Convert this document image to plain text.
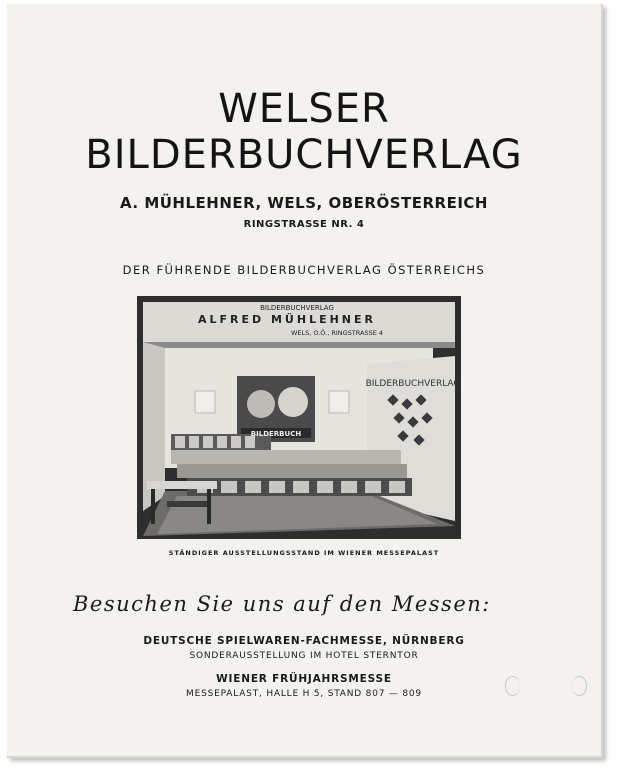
WELSER
BILDERBUCHVERLAG
A. MÜHLEHNER, WELS, OBERÖSTERREICH
RINGSTRASSE NR. 4
DER FÜHRENDE BILDERBUCHVERLAG ÖSTERREICHS
BILDERBUCHVERLAG
ALFRED MÜHLEHNER
WELS, O.Ö., RINGSTRASSE 4
BILDERBUCHVERLAG
BILDERBUCH
STÄNDIGER AUSSTELLUNGSSTAND IM WIENER MESSEPALAST
Besuchen Sie uns auf den Messen:
DEUTSCHE SPIELWAREN-FACHMESSE, NÜRNBERG
SONDERAUSSTELLUNG IM HOTEL STERNTOR
WIENER FRÜHJAHRSMESSE
MESSEPALAST, HALLE H 5, STAND 807 — 809
